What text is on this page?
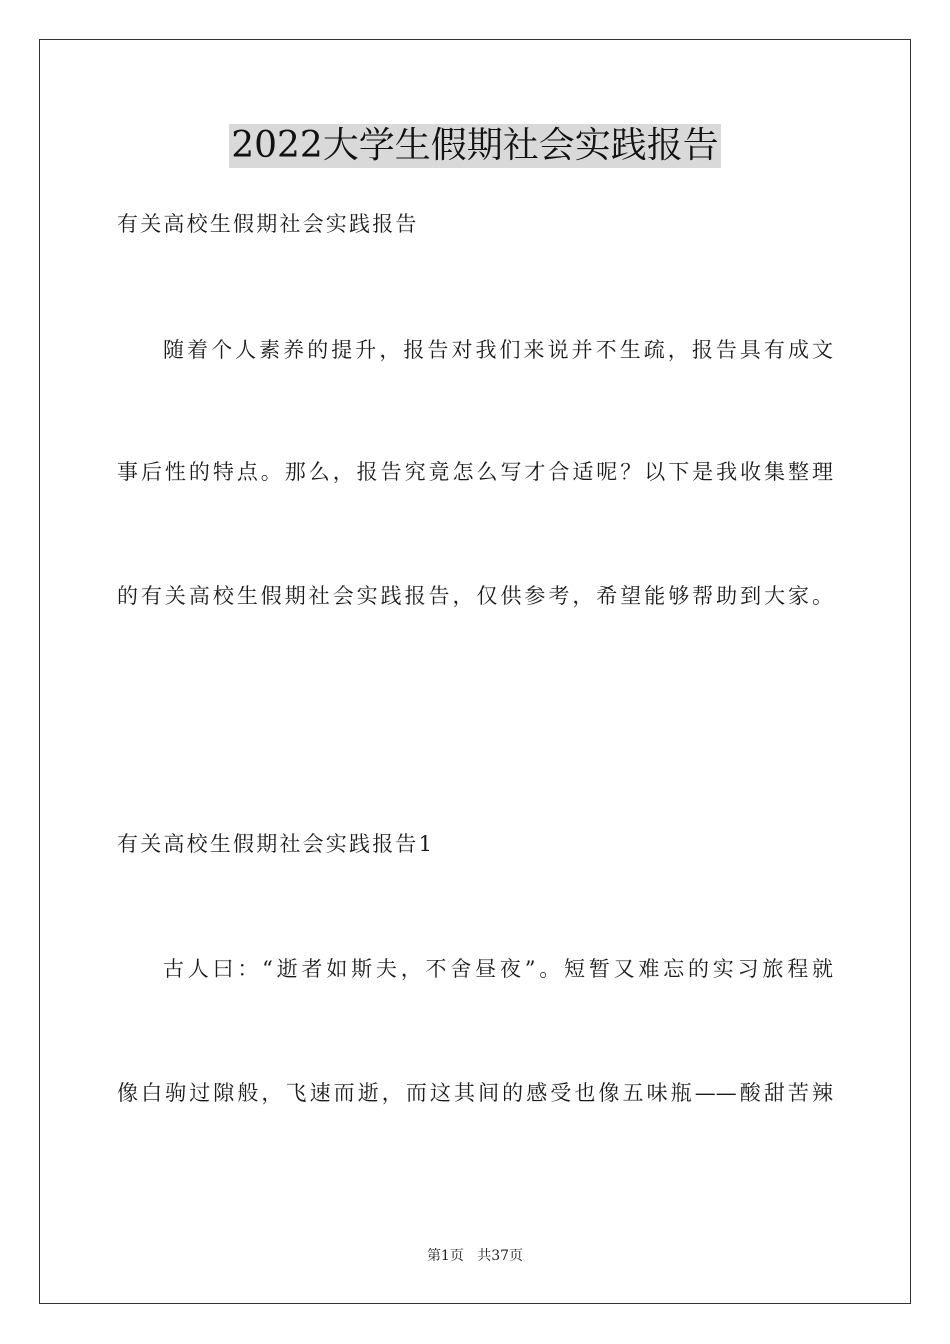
2022大学生假期社会实践报告
有关高校生假期社会实践报告
随着个人素养的提升，报告对我们来说并不生疏，报告具有成文
事后性的特点。那么，报告究竟怎么写才合适呢？以下是我收集整理
的有关高校生假期社会实践报告，仅供参考，希望能够帮助到大家。
有关高校生假期社会实践报告1
古人曰：“逝者如斯夫，不舍昼夜”。短暂又难忘的实习旅程就
像白驹过隙般，飞速而逝，而这其间的感受也像五味瓶——酸甜苦辣
第1页 共37页
